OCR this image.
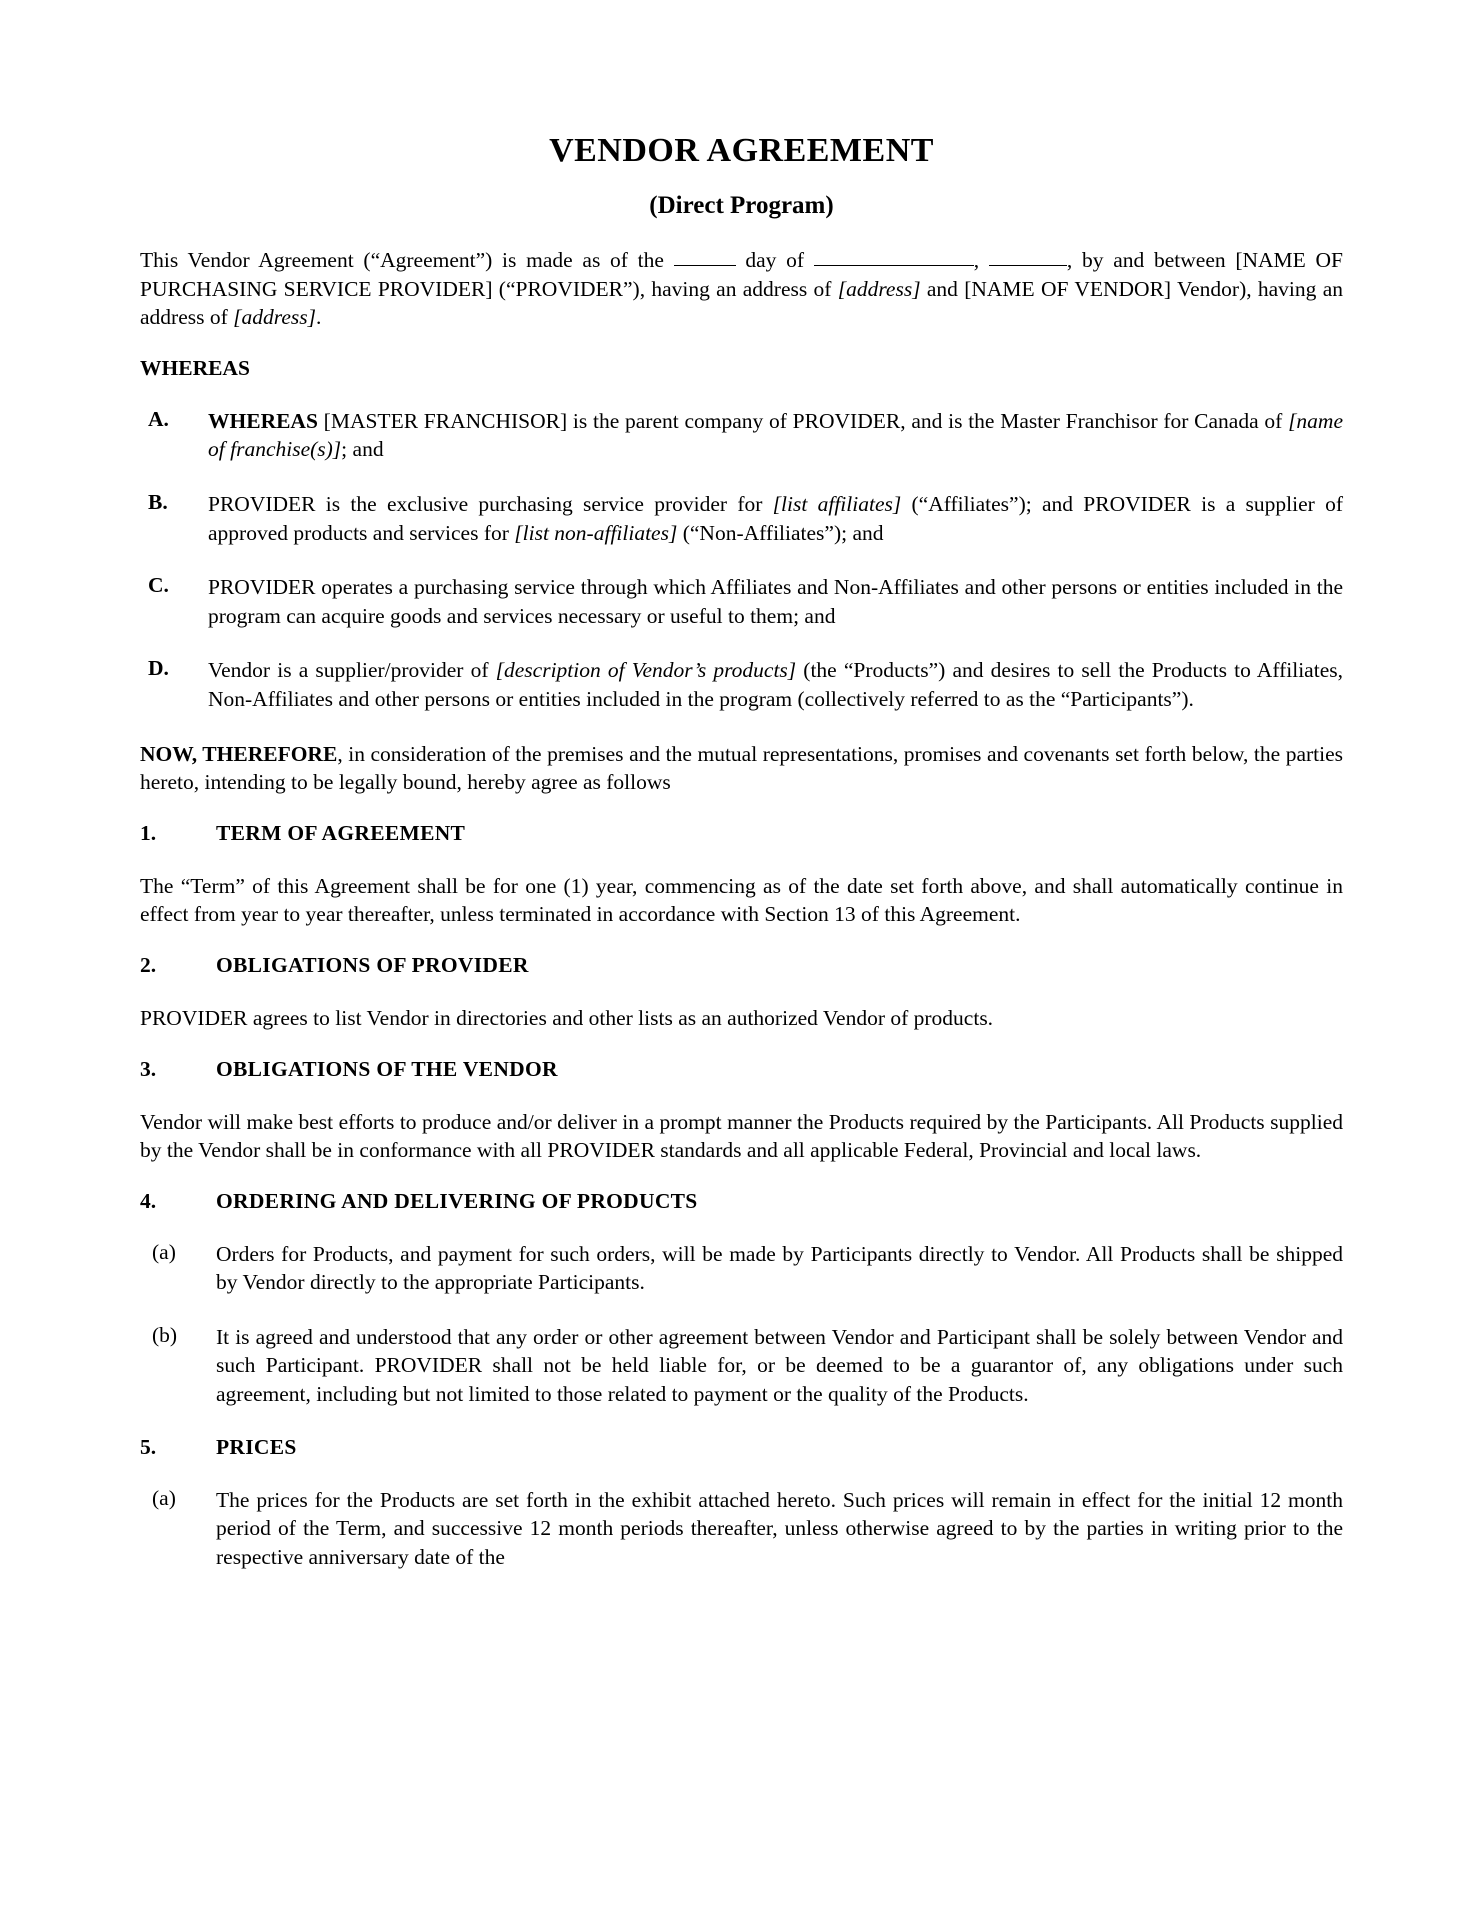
VENDOR AGREEMENT
(Direct Program)

This Vendor Agreement (“Agreement”) is made as of the	day of	,	, by and between [NAME OF PURCHASING SERVICE PROVIDER] (“PROVIDER”), having an address of [address] and [NAME OF VENDOR] Vendor), having an address of [address].

WHEREAS
A.	WHEREAS [MASTER FRANCHISOR] is the parent company of PROVIDER, and is the Master Franchisor for Canada of [name of franchise(s)]; and
B.	PROVIDER is the exclusive purchasing service provider for [list affiliates] (“Affiliates”); and PROVIDER is a supplier of approved products and services for [list non-affiliates] (“Non-Affiliates”); and
C.	PROVIDER operates a purchasing service through which Affiliates and Non-Affiliates and other persons or entities included in the program can acquire goods and services necessary or useful to them; and
D.	Vendor is a supplier/provider of [description of Vendor’s products] (the “Products”) and desires to sell the Products to Affiliates, Non-Affiliates and other persons or entities included in the program (collectively referred to as the “Participants”).

NOW, THEREFORE, in consideration of the premises and the mutual representations, promises and covenants set forth below, the parties hereto, intending to be legally bound, hereby agree as follows

1.	TERM OF AGREEMENT

The “Term” of this Agreement shall be for one (1) year, commencing as of the date set forth above, and shall automatically continue in effect from year to year thereafter, unless terminated in accordance with Section 13 of this Agreement.

2.	OBLIGATIONS OF PROVIDER

PROVIDER agrees to list Vendor in directories and other lists as an authorized Vendor of products.

3.	OBLIGATIONS OF THE VENDOR

Vendor will make best efforts to produce and/or deliver in a prompt manner the Products required by the Participants. All Products supplied by the Vendor shall be in conformance with all PROVIDER standards and all applicable Federal, Provincial and local laws.

4.	ORDERING AND DELIVERING OF PRODUCTS
(a)	Orders for Products, and payment for such orders, will be made by Participants directly to Vendor. All Products shall be shipped by Vendor directly to the appropriate Participants.
(b)	It is agreed and understood that any order or other agreement between Vendor and Participant shall be solely between Vendor and such Participant. PROVIDER shall not be held liable for, or be deemed to be a guarantor of, any obligations under such agreement, including but not limited to those related to payment or the quality of the Products.
5.	PRICES
(a)	The prices for the Products are set forth in the exhibit attached hereto. Such prices will remain in effect for the initial 12 month period of the Term, and successive 12 month periods thereafter, unless otherwise agreed to by the parties in writing prior to the respective anniversary date of the
